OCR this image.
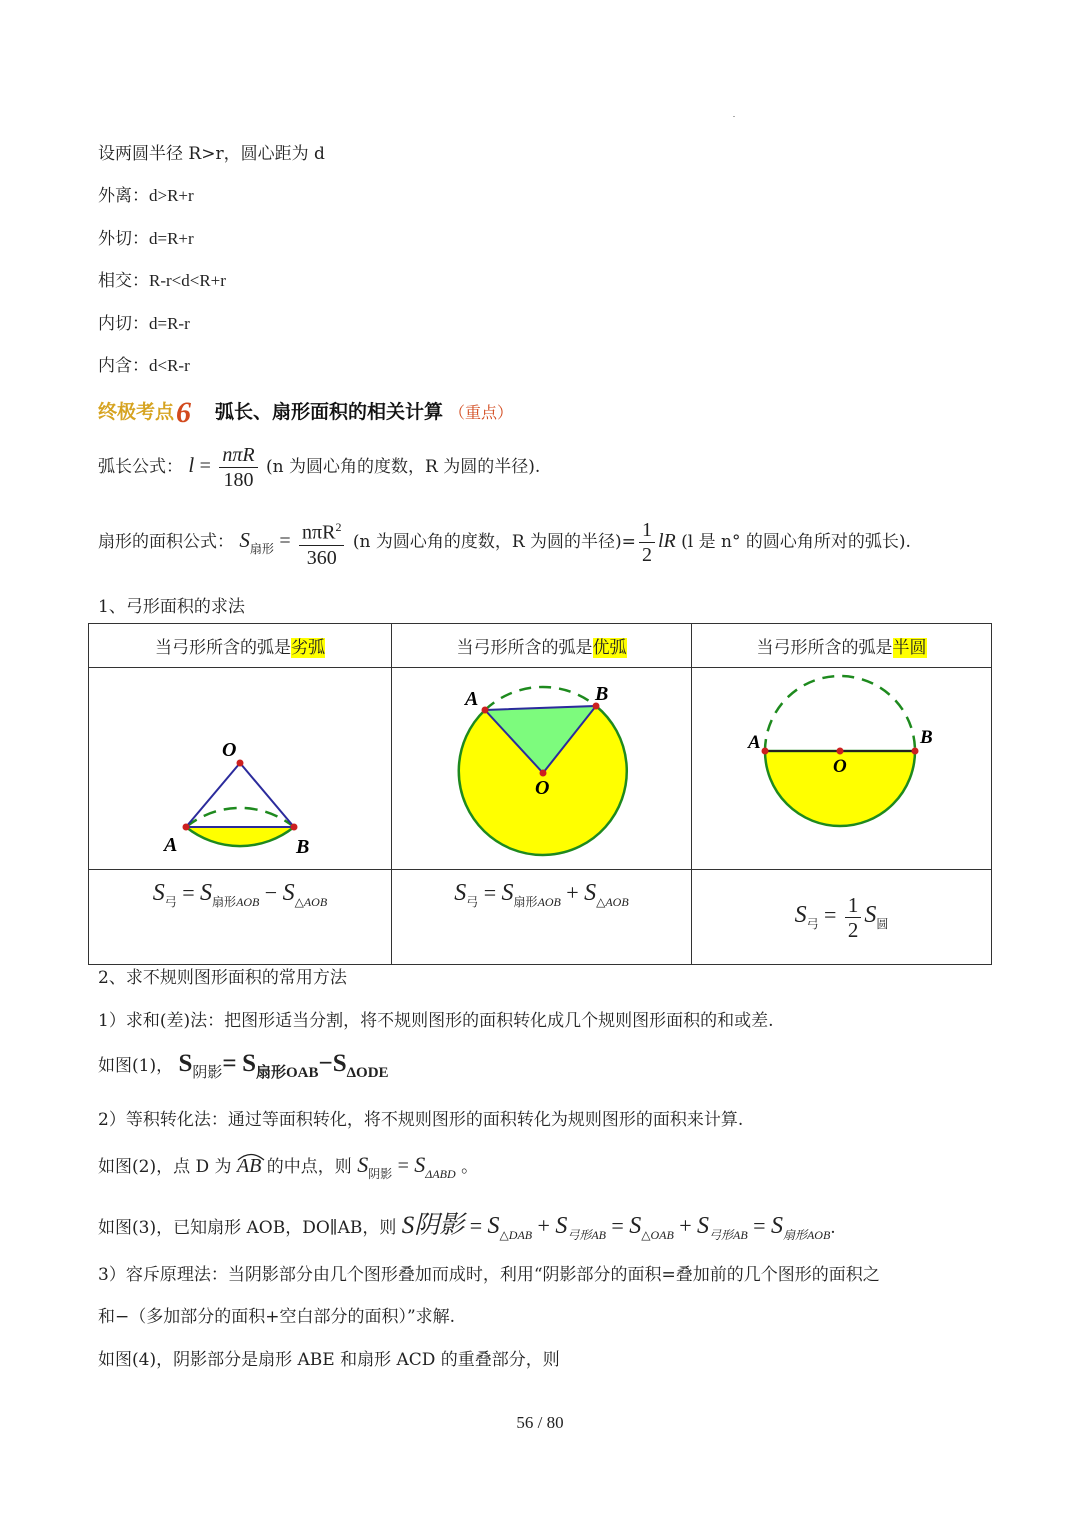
设两圆半径 R>r，圆心距为 d
外离：d>R+r
外切：d=R+r
相交：R-r<d<R+r
内切：d=R-r
内含：d<R-r
终极考点6 弧长、扇形面积的相关计算 （重点）
弧长公式： $l = \frac{\text{nπR}}{180} (n$ 为圆心角的度数，R 为圆的半径).
扇形的面积公式： $S_{扇形} = \frac{n\pi R^2}{360} (n$ 为圆心角的度数，R 为圆的半径)= $\frac{1}{2}$ lR (l 是 n° 的圆心角所对的弧长).
1、弓形面积的求法
当弓形所含的弧是劣弧	当弓形所含的弧是优弧	当弓形所含的弧是半圆

O
A B	O
A B	O
A B

$S_弓 = S_{扇形AOB} - S_{\triangle AOB}$	$S_弓 = S_{扇形AOB} + S_{\triangle AOB}$	$S_弓 = \frac{1}{2} S_圆$
2、求不规则图形面积的常用方法
1）求和(差)法：把图形适当分割，将不规则图形的面积转化成几个规则图形面积的和或差.
如图(1)， S阴影= S扇形OAB−SΔODE
2）等积转化法：通过等面积转化，将不规则图形的面积转化为规则图形的面积来计算.
如图(2)，点 D 为 AB 的中点，则 $S_{阴影} = S_{\Delta ABD}$ 。
如图(3)，已知扇形 AOB，DO∥AB，则 S阴影 = $S_{\triangle DAB} + S_{弓形AB} = S_{\triangle OAB} + S_{弓形AB} = S_{扇形AOB}$.
3）容斥原理法：当阴影部分由几个图形叠加而成时，利用“阴影部分的面积=叠加前的几个图形的面积之
和−（多加部分的面积+空白部分的面积）”求解.
如图(4)，阴影部分是扇形 ABE 和扇形 ACD 的重叠部分，则
56 / 80
